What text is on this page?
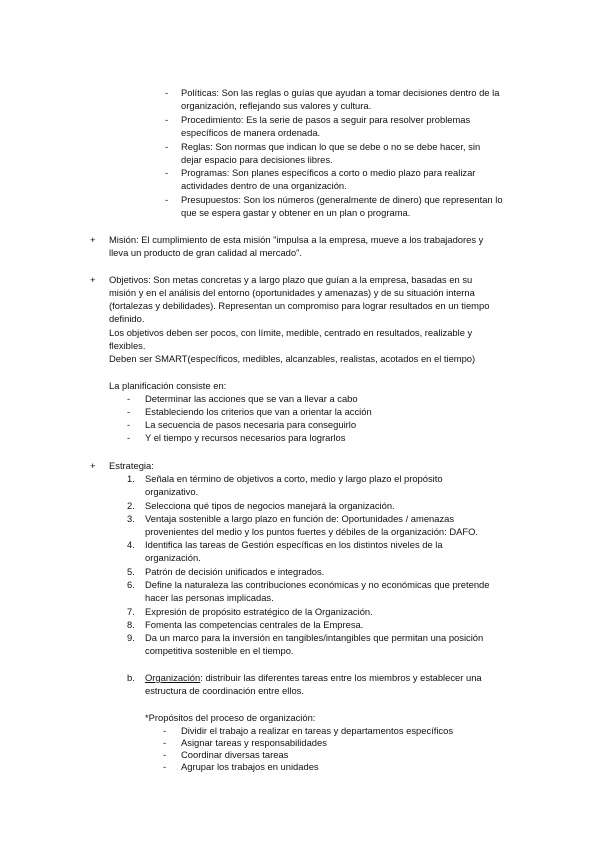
- Políticas: Son las reglas o guías que ayudan a tomar decisiones dentro de la
organización, reflejando sus valores y cultura.
- Procedimiento: Es la serie de pasos a seguir para resolver problemas
específicos de manera ordenada.
- Reglas: Son normas que indican lo que se debe o no se debe hacer, sin
dejar espacio para decisiones libres.
- Programas: Son planes específicos a corto o medio plazo para realizar
actividades dentro de una organización.
- Presupuestos: Son los números (generalmente de dinero) que representan lo
que se espera gastar y obtener en un plan o programa.
+ Misión: El cumplimiento de esta misión "impulsa a la empresa, mueve a los trabajadores y
lleva un producto de gran calidad al mercado".
+ Objetivos: Son metas concretas y a largo plazo que guían a la empresa, basadas en su
misión y en el análisis del entorno (oportunidades y amenazas) y de su situación interna
(fortalezas y debilidades). Representan un compromiso para lograr resultados en un tiempo
definido.
Los objetivos deben ser pocos, con límite, medible, centrado en resultados, realizable y
flexibles.
Deben ser SMART(específicos, medibles, alcanzables, realistas, acotados en el tiempo)
La planificación consiste en:
- Determinar las acciones que se van a llevar a cabo
- Estableciendo los criterios que van a orientar la acción
- La secuencia de pasos necesaria para conseguirlo
- Y el tiempo y recursos necesarios para lograrlos
+ Estrategia:
1. Señala en término de objetivos a corto, medio y largo plazo el propósito
organizativo.
2. Selecciona qué tipos de negocios manejará la organización.
3. Ventaja sostenible a largo plazo en función de: Oportunidades / amenazas
provenientes del medio y los puntos fuertes y débiles de la organización: DAFO.
4. Identifica las tareas de Gestión específicas en los distintos niveles de la
organización.
5. Patrón de decisión unificados e integrados.
6. Define la naturaleza las contribuciones económicas y no económicas que pretende
hacer las personas implicadas.
7. Expresión de propósito estratégico de la Organización.
8. Fomenta las competencias centrales de la Empresa.
9. Da un marco para la inversión en tangibles/intangibles que permitan una posición
competitiva sostenible en el tiempo.
b. Organización: distribuir las diferentes tareas entre los miembros y establecer una
estructura de coordinación entre ellos.
*Propósitos del proceso de organización:
- Dividir el trabajo a realizar en tareas y departamentos específicos
- Asignar tareas y responsabilidades
- Coordinar diversas tareas
- Agrupar los trabajos en unidades
